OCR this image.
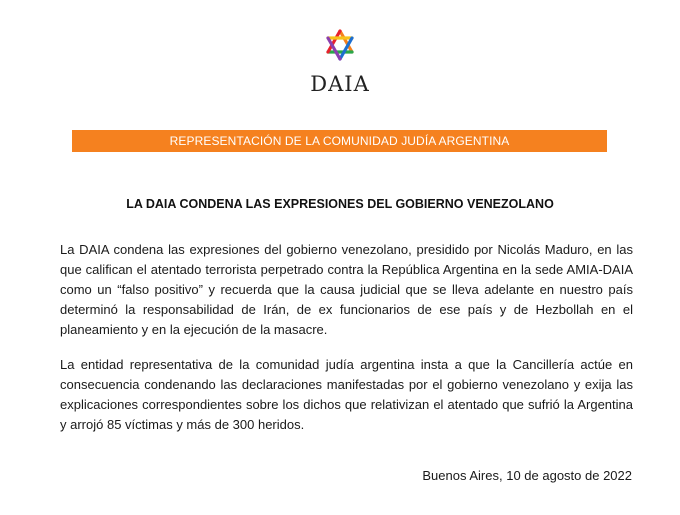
DAIA
REPRESENTACIÓN DE LA COMUNIDAD JUDÍA ARGENTINA
LA DAIA CONDENA LAS EXPRESIONES DEL GOBIERNO VENEZOLANO

La DAIA condena las expresiones del gobierno venezolano, presidido por Nicolás Maduro, en las que califican el atentado terrorista perpetrado contra la República Argentina en la sede AMIA-DAIA como un “falso positivo” y recuerda que la causa judicial que se lleva adelante en nuestro país determinó la responsabilidad de Irán, de ex funcionarios de ese país y de Hezbollah en el planeamiento y en la ejecución de la masacre.

La entidad representativa de la comunidad judía argentina insta a que la Cancillería actúe en consecuencia condenando las declaraciones manifestadas por el gobierno venezolano y exija las explicaciones correspondientes sobre los dichos que relativizan el atentado que sufrió la Argentina y arrojó 85 víctimas y más de 300 heridos.

Buenos Aires, 10 de agosto de 2022
